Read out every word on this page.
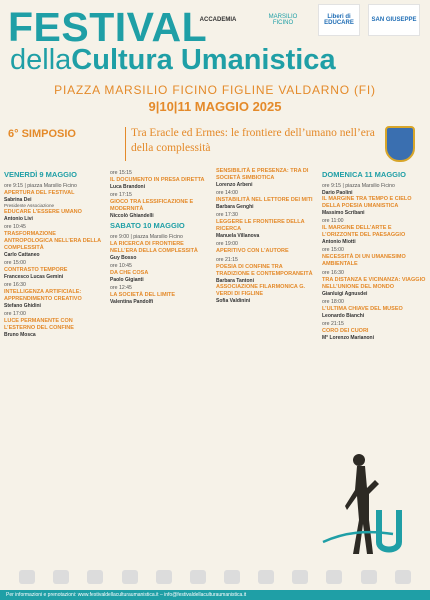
FESTIVAL
dellaCultura Umanistica
PIAZZA MARSILIO FICINO FIGLINE VALDARNO (FI)
9|10|11 MAGGIO 2025
ACCADEMIA	MARSILIO FICINO
Liberi di EDUCARE	SAN GIUSEPPE
6° SIMPOSIO	Tra Eracle ed Ermes: le frontiere dell’umano nell’era della complessità
VENERDÌ 9 MAGGIO
ore 9:15 | piazza Marsilio Ficino
APERTURA DEL FESTIVAL
Sabrina Dei
Presidente Associazione
EDUCARE L’ESSERE UMANO
Antonio Livi
ore 10:45
TRASFORMAZIONE ANTROPOLOGICA NELL’ERA DELLA COMPLESSITÀ
Carlo Cattaneo
ore 15:00
CONTRASTO TEMPORE
Francesco Lucas Gemini
ore 16:30
INTELLIGENZA ARTIFICIALE: APPRENDIMENTO CREATIVO
Stefano Ghidini
ore 17:00
LUCE PERMANENTE CON L’ESTERNO DEL CONFINE
Bruno Mosca
ore 15:15
IL DOCUMENTO IN PRESA DIRETTA
Luca Brandoni
ore 17:15
GIOCO TRA LESSIFICAZIONE E MODERNITÀ
Niccolò Ghiandelli
SABATO 10 MAGGIO
ore 9:00 | piazza Marsilio Ficino
LA RICERCA DI FRONTIERE NELL’ERA DELLA COMPLESSITÀ
Guy Bosso
ore 10:45
DA CHE COSA
Paolo Gigianti
ore 12:45
LA SOCIETÀ DEL LIMITE
Valentina Pandolfi
SENSIBILITÀ E PRESENZA: TRA DI SOCIETÀ SIMBIOTICA
Lorenzo Arbeni
ore 14:00
INSTABILITÀ NEL LETTORE DEI MITI
Barbara Genghi
ore 17:30
LEGGERE LE FRONTIERE DELLA RICERCA
Manuela Villanova
ore 19:00
APERITIVO CON L’AUTORE
ore 21:15
POESIA DI CONFINE TRA TRADIZIONE E CONTEMPORANEITÀ
Barbara Tantoni
ASSOCIAZIONE FILARMONICA G. VERDI DI FIGLINE
Sofia Valdinini
DOMENICA 11 MAGGIO
ore 9:15 | piazza Marsilio Ficino
Dario Paolini
IL MARGINE TRA TEMPO E CIELO DELLA POESIA UMANISTICA
Massimo Scribani
ore 11:00
IL MARGINE DELL’ARTE E L’ORIZZONTE DEL PAESAGGIO
Antonio Miotti
ore 15:00
NECESSITÀ DI UN UMANESIMO AMBIENTALE
ore 16:30
TRA DISTANZA E VICINANZA: VIAGGIO NELL’UNIONE DEL MONDO
Gianluigi Agnusdei
ore 18:00
L’ULTIMA CHIAVE DEL MUSEO
Leonardo Bianchi
ore 21:15
CORO DEI CUORI
M° Lorenzo Marianoni
Per informazioni e prenotazioni: www.festivaldellaculturaumanistica.it – info@festivaldellaculturaumanistica.it
